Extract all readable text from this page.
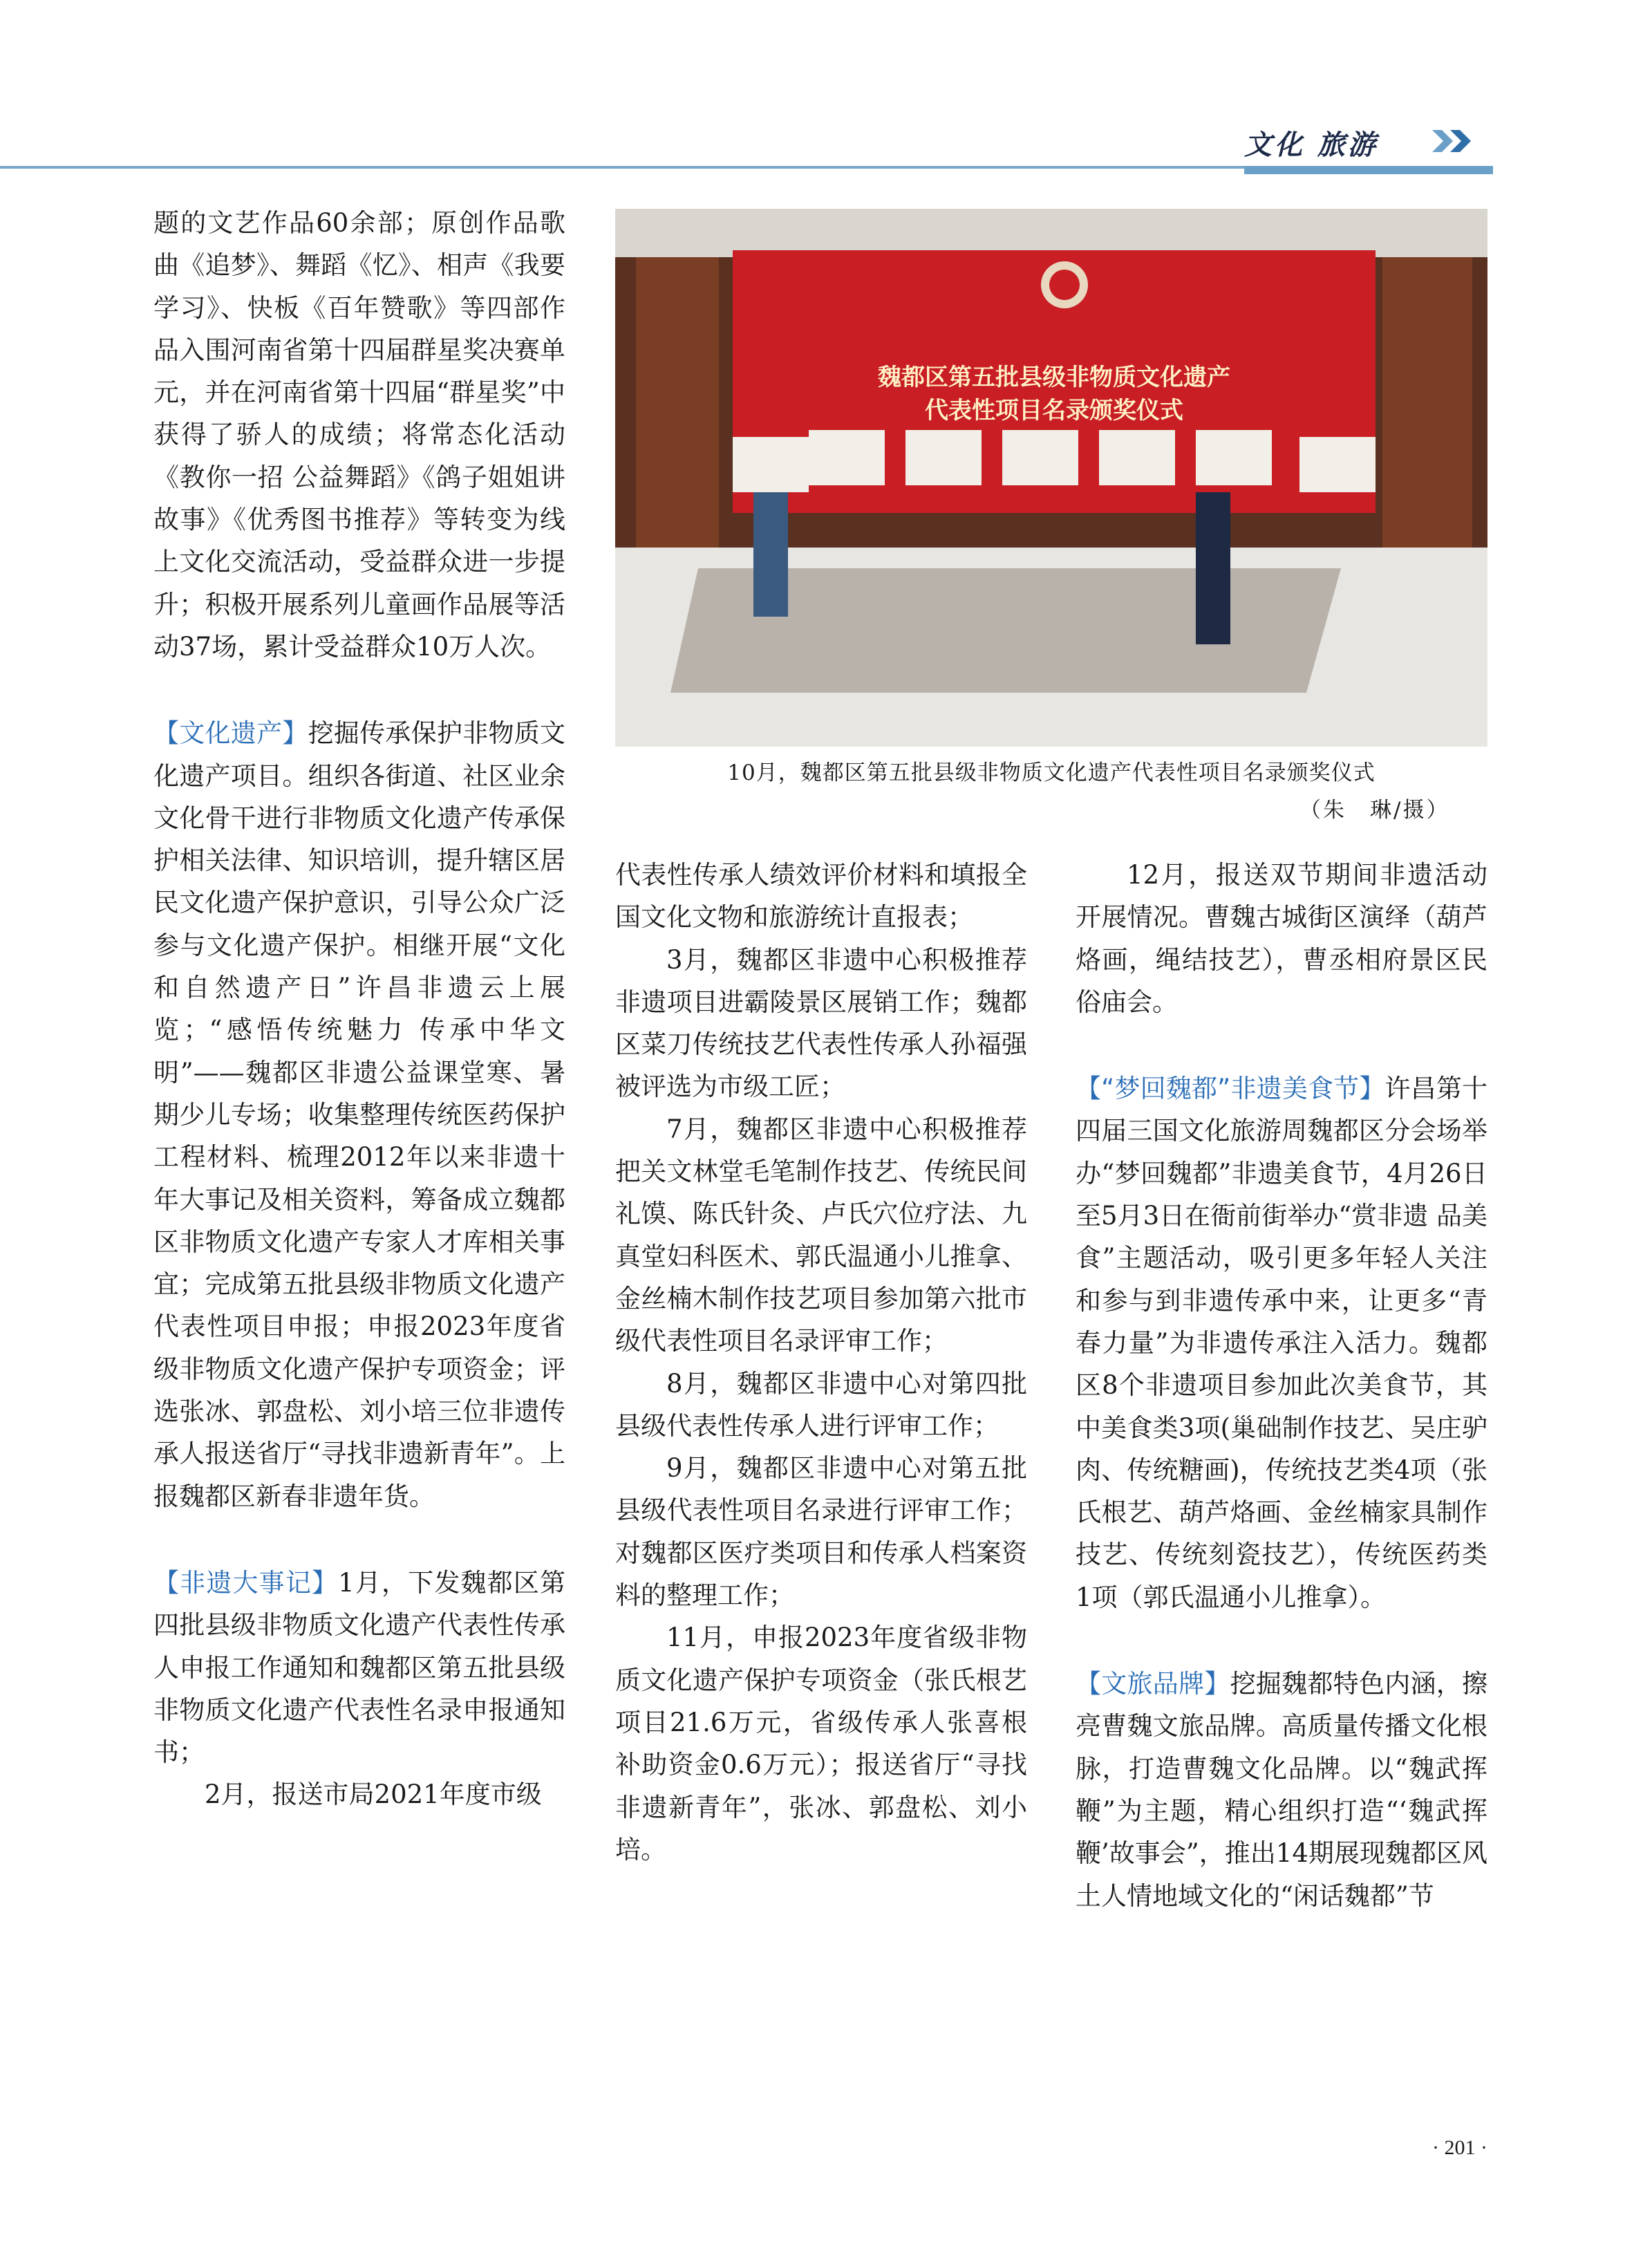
文化 旅游
魏都区第五批县级非物质文化遗产
代表性项目名录颁奖仪式
10月，魏都区第五批县级非物质文化遗产代表性项目名录颁奖仪式
（朱　琳/摄）

题的文艺作品60余部；原创作品歌曲《追梦》、舞蹈《忆》、相声《我要学习》、快板《百年赞歌》等四部作品入围河南省第十四届群星奖决赛单元，并在河南省第十四届“群星奖”中获得了骄人的成绩；将常态化活动《教你一招 公益舞蹈》《鸽子姐姐讲故事》《优秀图书推荐》等转变为线上文化交流活动，受益群众进一步提升；积极开展系列儿童画作品展等活动37场，累计受益群众10万人次。

【文化遗产】挖掘传承保护非物质文化遗产项目。组织各街道、社区业余文化骨干进行非物质文化遗产传承保护相关法律、知识培训，提升辖区居民文化遗产保护意识，引导公众广泛参与文化遗产保护。相继开展“文化和自然遗产日”许昌非遗云上展览；“感悟传统魅力 传承中华文明”——魏都区非遗公益课堂寒、暑期少儿专场；收集整理传统医药保护工程材料、梳理2012年以来非遗十年大事记及相关资料，筹备成立魏都区非物质文化遗产专家人才库相关事宜；完成第五批县级非物质文化遗产代表性项目申报；申报2023年度省级非物质文化遗产保护专项资金；评选张冰、郭盘松、刘小培三位非遗传承人报送省厅“寻找非遗新青年”。上报魏都区新春非遗年货。

【非遗大事记】1月，下发魏都区第四批县级非物质文化遗产代表性传承人申报工作通知和魏都区第五批县级非物质文化遗产代表性名录申报通知书；

2月，报送市局2021年度市级

代表性传承人绩效评价材料和填报全国文化文物和旅游统计直报表；

3月，魏都区非遗中心积极推荐非遗项目进霸陵景区展销工作；魏都区菜刀传统技艺代表性传承人孙福强被评选为市级工匠；

7月，魏都区非遗中心积极推荐把关文林堂毛笔制作技艺、传统民间礼馍、陈氏针灸、卢氏穴位疗法、九真堂妇科医术、郭氏温通小儿推拿、金丝楠木制作技艺项目参加第六批市级代表性项目名录评审工作；

8月，魏都区非遗中心对第四批县级代表性传承人进行评审工作；

9月，魏都区非遗中心对第五批县级代表性项目名录进行评审工作；对魏都区医疗类项目和传承人档案资料的整理工作；

11月，申报2023年度省级非物质文化遗产保护专项资金（张氏根艺项目21.6万元，省级传承人张喜根补助资金0.6万元）；报送省厅“寻找非遗新青年”，张冰、郭盘松、刘小培。

12月，报送双节期间非遗活动开展情况。曹魏古城街区演绎（葫芦烙画，绳结技艺），曹丞相府景区民俗庙会。

【“梦回魏都”非遗美食节】许昌第十四届三国文化旅游周魏都区分会场举办“梦回魏都”非遗美食节，4月26日至5月3日在衙前街举办“赏非遗 品美食”主题活动，吸引更多年轻人关注和参与到非遗传承中来，让更多“青春力量”为非遗传承注入活力。魏都区8个非遗项目参加此次美食节，其中美食类3项(巢础制作技艺、吴庄驴肉、传统糖画)，传统技艺类4项（张氏根艺、葫芦烙画、金丝楠家具制作技艺、传统刻瓷技艺），传统医药类1项（郭氏温通小儿推拿）。

【文旅品牌】挖掘魏都特色内涵，擦亮曹魏文旅品牌。高质量传播文化根脉，打造曹魏文化品牌。以“魏武挥鞭”为主题，精心组织打造“‘魏武挥鞭’故事会”，推出14期展现魏都区风土人情地域文化的“闲话魏都”节

· 201 ·
